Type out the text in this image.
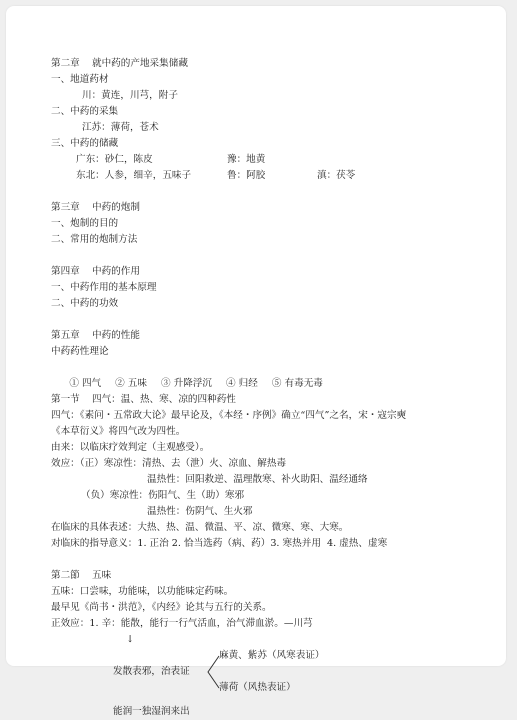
第二章    就中药的产地采集储藏
一、地道药材
川：黄连，川芎，附子
二、中药的采集
江苏：薄荷，苍术
三、中药的储藏
广东：砂仁，陈皮	豫：地黄
东北：人参，细辛，五味子	鲁：阿胶	滇：茯苓
第三章    中药的炮制
一、炮制的目的
二、常用的炮制方法
第四章    中药的作用
一、中药作用的基本原理
二、中药的功效
第五章    中药的性能
中药药性理论

① 四气 ② 五味 ③ 升降浮沉 ④ 归经 ⑤ 有毒无毒

第一节    四气：温、热、寒、凉的四种药性
四气：《素问・五常政大论》最早论及，《本经・序例》确立“四气”之名，宋・寇宗奭
《本草衍义》将四气改为四性。
由来：以临床疗效判定（主观感受）。
效应：（正）寒凉性：清热、去（泄）火、凉血、解热毒
温热性：回阳救逆、温理散寒、补火助阳、温经通络
（负）寒凉性：伤阳气、生（助）寒邪
温热性：伤阴气、生火邪
在临床的具体表述：大热、热、温、微温、平、凉、微寒、寒、大寒。
对临床的指导意义：1. 正治 2. 恰当选药（病、药）3. 寒热并用  4. 虚热、虚寒
第二節    五味
五味：口尝味，功能味，以功能味定药味。
最早见《尚书・洪范》，《内经》论其与五行的关系。
正效应：1. 辛：能散，能行一行气活血，治气滞血淤。—川芎
↓
发散表邪，治表证
麻黄、紫苏（风寒表证）
薄荷（风热表证）
能润一独湿润来出
